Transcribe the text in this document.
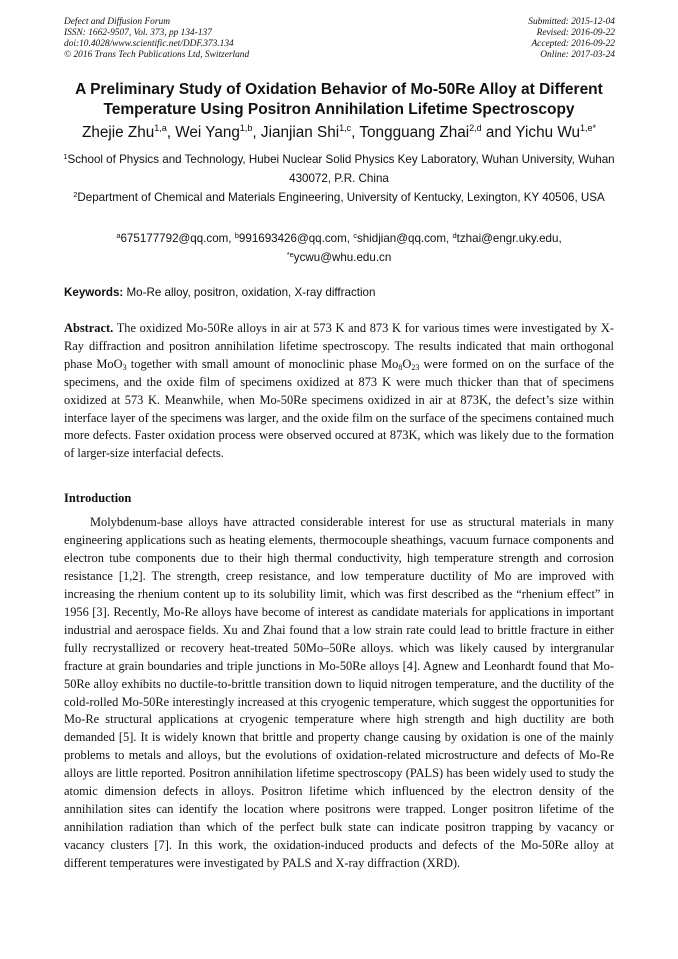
Defect and Diffusion Forum
ISSN: 1662-9507, Vol. 373, pp 134-137
doi:10.4028/www.scientific.net/DDF.373.134
© 2016 Trans Tech Publications Ltd, Switzerland
Submitted: 2015-12-04
Revised: 2016-09-22
Accepted: 2016-09-22
Online: 2017-03-24
A Preliminary Study of Oxidation Behavior of Mo-50Re Alloy at Different Temperature Using Positron Annihilation Lifetime Spectroscopy
Zhejie Zhu$^{1,a}$, Wei Yang$^{1,b}$, Jianjian Shi$^{1,c}$, Tongguang Zhai$^{2,d}$ and Yichu $Wu^{1,e*}$
$^1$School of Physics and Technology, Hubei Nuclear Solid Physics Key Laboratory, Wuhan University, Wuhan 430072, P.R. China
$^2$Department of Chemical and Materials Engineering, University of Kentucky, Lexington, KY 40506, USA
$^a$675177792@qq.com, $^b$991693426@qq.com, $^c$shidjian@qq.com, $^d$tzhai@engr.uky.edu,
$^{*e}$ycwu@whu.edu.cn
Keywords: Mo-Re alloy, positron, oxidation, X-ray diffraction
Abstract. The oxidized Mo-50Re alloys in air at 573 K and 873 K for various times were investigated by X-Ray diffraction and positron annihilation lifetime spectroscopy. The results indicated that main orthogonal phase MoO$_3$ together with small amount of monoclinic phase $Mo_8O_{23}$ were formed on on the surface of the specimens, and the oxide film of specimens oxidized at 873 K were much thicker than that of specimens oxidized at 573 K. Meanwhile, when Mo-50Re specimens oxidized in air at 873K, the defect’s size within interface layer of the specimens was larger, and the oxide film on the surface of the specimens contained much more defects. Faster oxidation process were observed occured at 873K, which was likely due to the formation of larger-size interfacial defects.
Introduction
Molybdenum-base alloys have attracted considerable interest for use as structural materials in many engineering applications such as heating elements, thermocouple sheathings, vacuum furnace components and electron tube components due to their high thermal conductivity, high temperature strength and corrosion resistance [1,2]. The strength, creep resistance, and low temperature ductility of Mo are improved with increasing the rhenium content up to its solubility limit, which was first described as the “rhenium effect” in 1956 [3]. Recently, Mo-Re alloys have become of interest as candidate materials for applications in important industrial and aerospace fields. Xu and Zhai found that a low strain rate could lead to brittle fracture in either fully recrystallized or recovery heat-treated 50Mo–50Re alloys. which was likely caused by intergranular fracture at grain boundaries and triple junctions in Mo-50Re alloys [4]. Agnew and Leonhardt found that Mo-50Re alloy exhibits no ductile-to-brittle transition down to liquid nitrogen temperature, and the ductility of the cold-rolled Mo-50Re interestingly increased at this cryogenic temperature, which suggest the opportunities for Mo-Re structural applications at cryogenic temperature where high strength and high ductility are both demanded [5]. It is widely known that brittle and property change causing by oxidation is one of the mainly problems to metals and alloys, but the evolutions of oxidation-related microstructure and defects of Mo-Re alloys are little reported. Positron annihilation lifetime spectroscopy (PALS) has been widely used to study the atomic dimension defects in alloys. Positron lifetime which influenced by the electron density of the annihilation sites can identify the location where positrons were trapped. Longer positron lifetime of the annihilation radiation than which of the perfect bulk state can indicate positron trapping by vacancy or vacancy clusters [7]. In this work, the oxidation-induced products and defects of the Mo-50Re alloy at different temperatures were investigated by PALS and X-ray diffraction (XRD).
